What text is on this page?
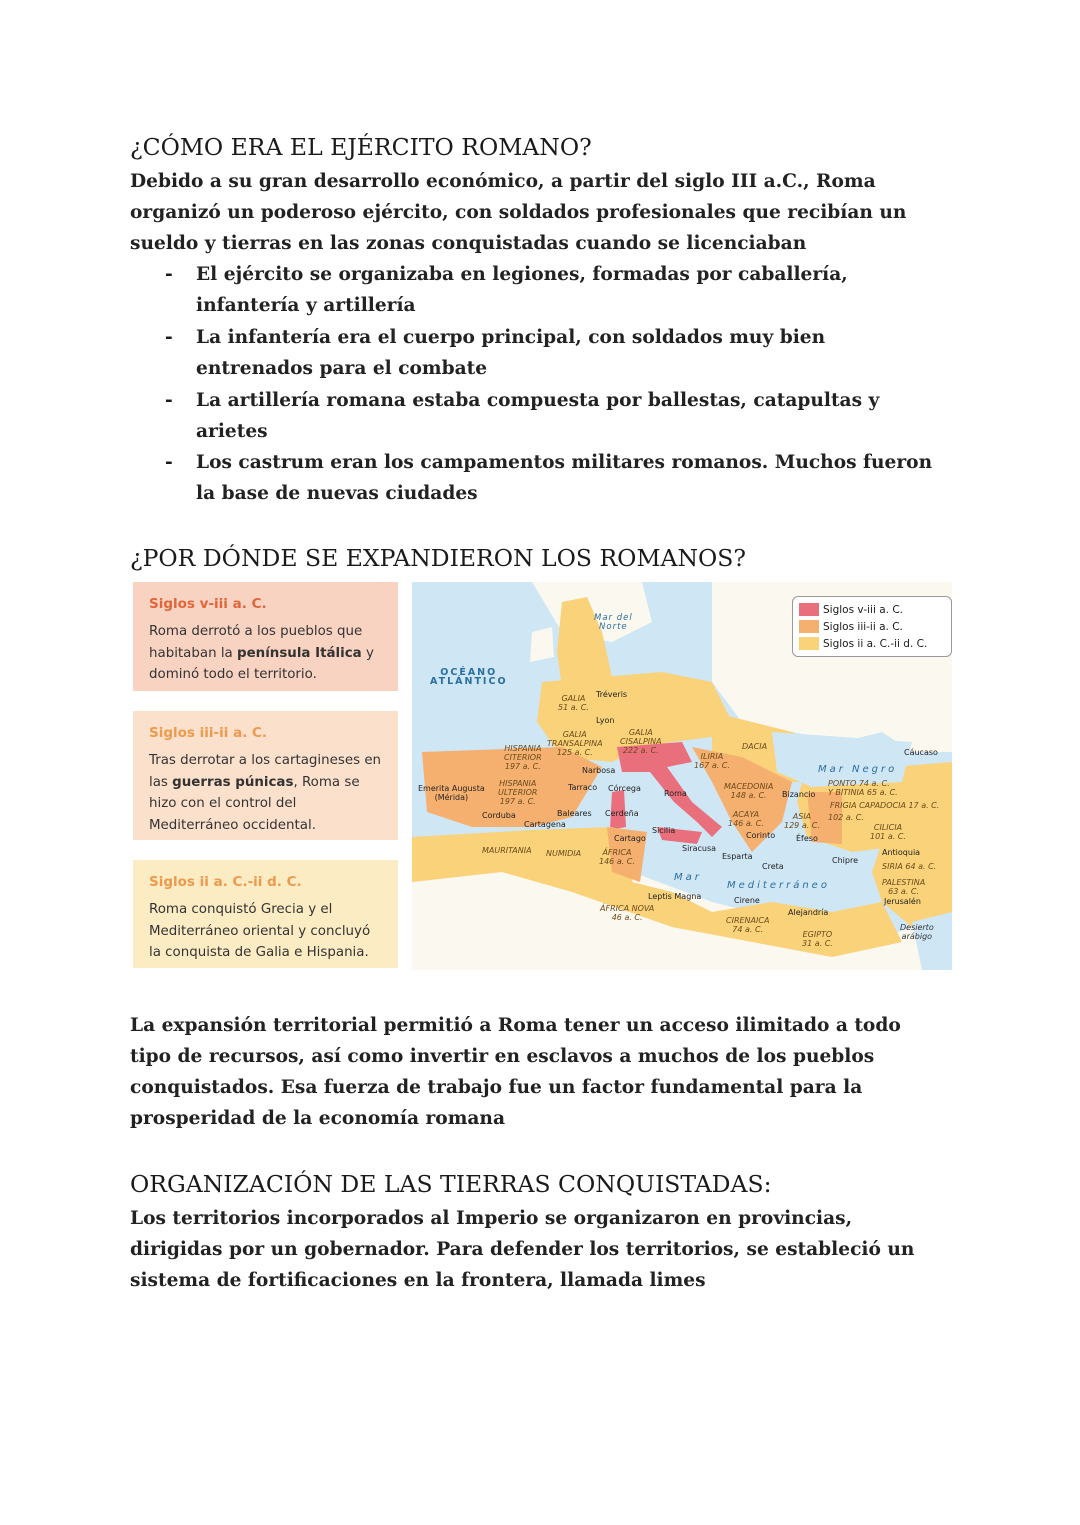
¿CÓMO ERA EL EJÉRCITO ROMANO?
Debido a su gran desarrollo económico, a partir del siglo III a.C., Roma
organizó un poderoso ejército, con soldados profesionales que recibían un
sueldo y tierras en las zonas conquistadas cuando se licenciaban
- El ejército se organizaba en legiones, formadas por caballería,
infantería y artillería
- La infantería era el cuerpo principal, con soldados muy bien
entrenados para el combate
- La artillería romana estaba compuesta por ballestas, catapultas y
arietes
- Los castrum eran los campamentos militares romanos. Muchos fueron
la base de nuevas ciudades
¿POR DÓNDE SE EXPANDIERON LOS ROMANOS?
Siglos v-iii a. C.
Roma derrotó a los pueblos que habitaban la península Itálica y dominó todo el territorio.
Siglos iii-ii a. C.
Tras derrotar a los cartagineses en las guerras púnicas, Roma se hizo con el control del Mediterráneo occidental.
Siglos ii a. C.-ii d. C.
Roma conquistó Grecia y el Mediterráneo oriental y concluyó la conquista de Galia e Hispania.
Siglos v-iii a. C.
Siglos iii-ii a. C.
Siglos ii a. C.-ii d. C.
Mar del
Norte
OCÉANO
ATLÁNTICO
Mar Negro
Mar
Mediterráneo
GALIA
51 a. C.
GALIA
TRANSALPINA
125 a. C.
GALIA
CISALPINA
222 a. C.	DACIA
ILIRIA
167 a. C.
HISPANIA
CITERIOR
197 a. C.
HISPANIA
ULTERIOR
197 a. C.
MACEDONIA
148 a. C.
PONTO 74 a. C.
Y BITINIA 65 a. C.
FRIGIA CAPADOCIA 17 a. C.
ACAYA
146 a. C.
ASIA
129 a. C.
102 a. C.
CILICIA
101 a. C.
MAURITANIA NUMIDIA	ÁFRICA
146 a. C.
SIRIA 64 a. C.
PALESTINA
63 a. C.
ÁFRICA NOVA
46 a. C.	CIRENAICA
74 a. C.
EGIPTO
31 a. C.
Tréveris
Lyon
Narbosa
Cáucaso
Emerita Augusta
(Mérida)
Tarraco Córcega
Roma	Bizancio
Corduba
Cartagena
Baleares Cerdeña
Sicilia
Cartago	Corinto	Éfeso
Siracusa
Esparta	Antioquia
Chipre
Creta
Leptis Magna	Cirene	Jerusalén
Alejandría
Desierto
arábigo
La expansión territorial permitió a Roma tener un acceso ilimitado a todo
tipo de recursos, así como invertir en esclavos a muchos de los pueblos
conquistados. Esa fuerza de trabajo fue un factor fundamental para la
prosperidad de la economía romana
ORGANIZACIÓN DE LAS TIERRAS CONQUISTADAS:
Los territorios incorporados al Imperio se organizaron en provincias,
dirigidas por un gobernador. Para defender los territorios, se estableció un
sistema de fortificaciones en la frontera, llamada limes
